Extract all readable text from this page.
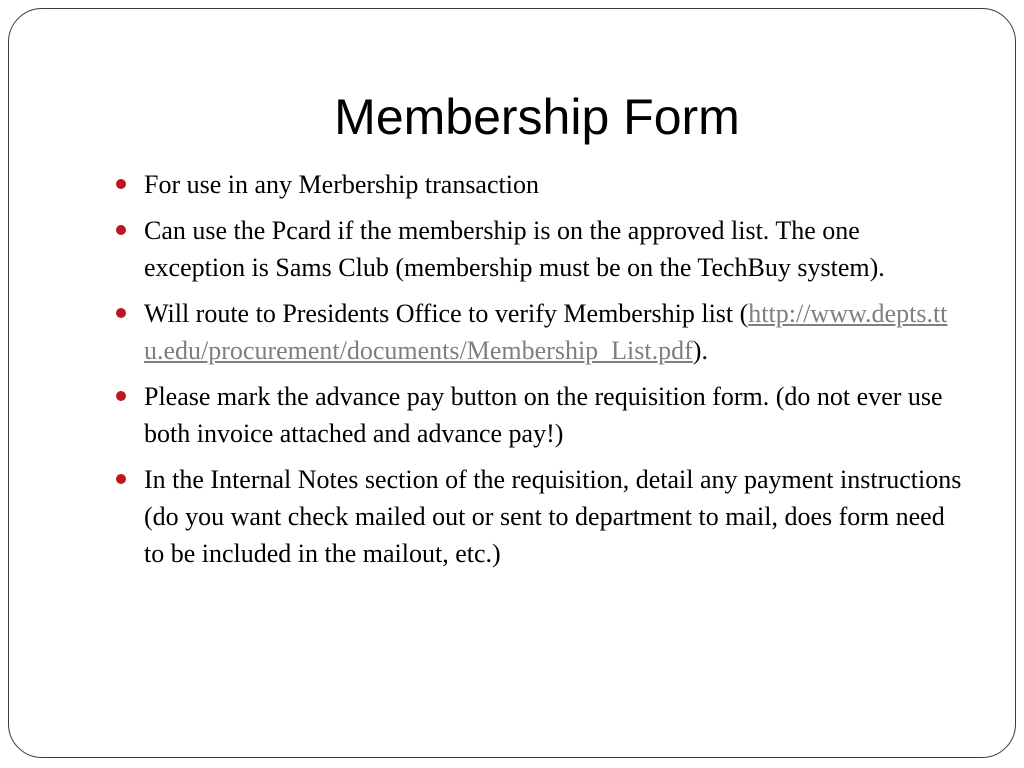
Membership Form
For use in any Merbership transaction
Can use the Pcard if the membership is on the approved list. The one exception is Sams Club (membership must be on the TechBuy system).
Will route to Presidents Office to verify Membership list (http://www.depts.ttu.edu/procurement/documents/Membership_List.pdf).
Please mark the advance pay button on the requisition form. (do not ever use both invoice attached and advance pay!)
In the Internal Notes section of the requisition, detail any payment instructions (do you want check mailed out or sent to department to mail, does form need to be included in the mailout, etc.)
